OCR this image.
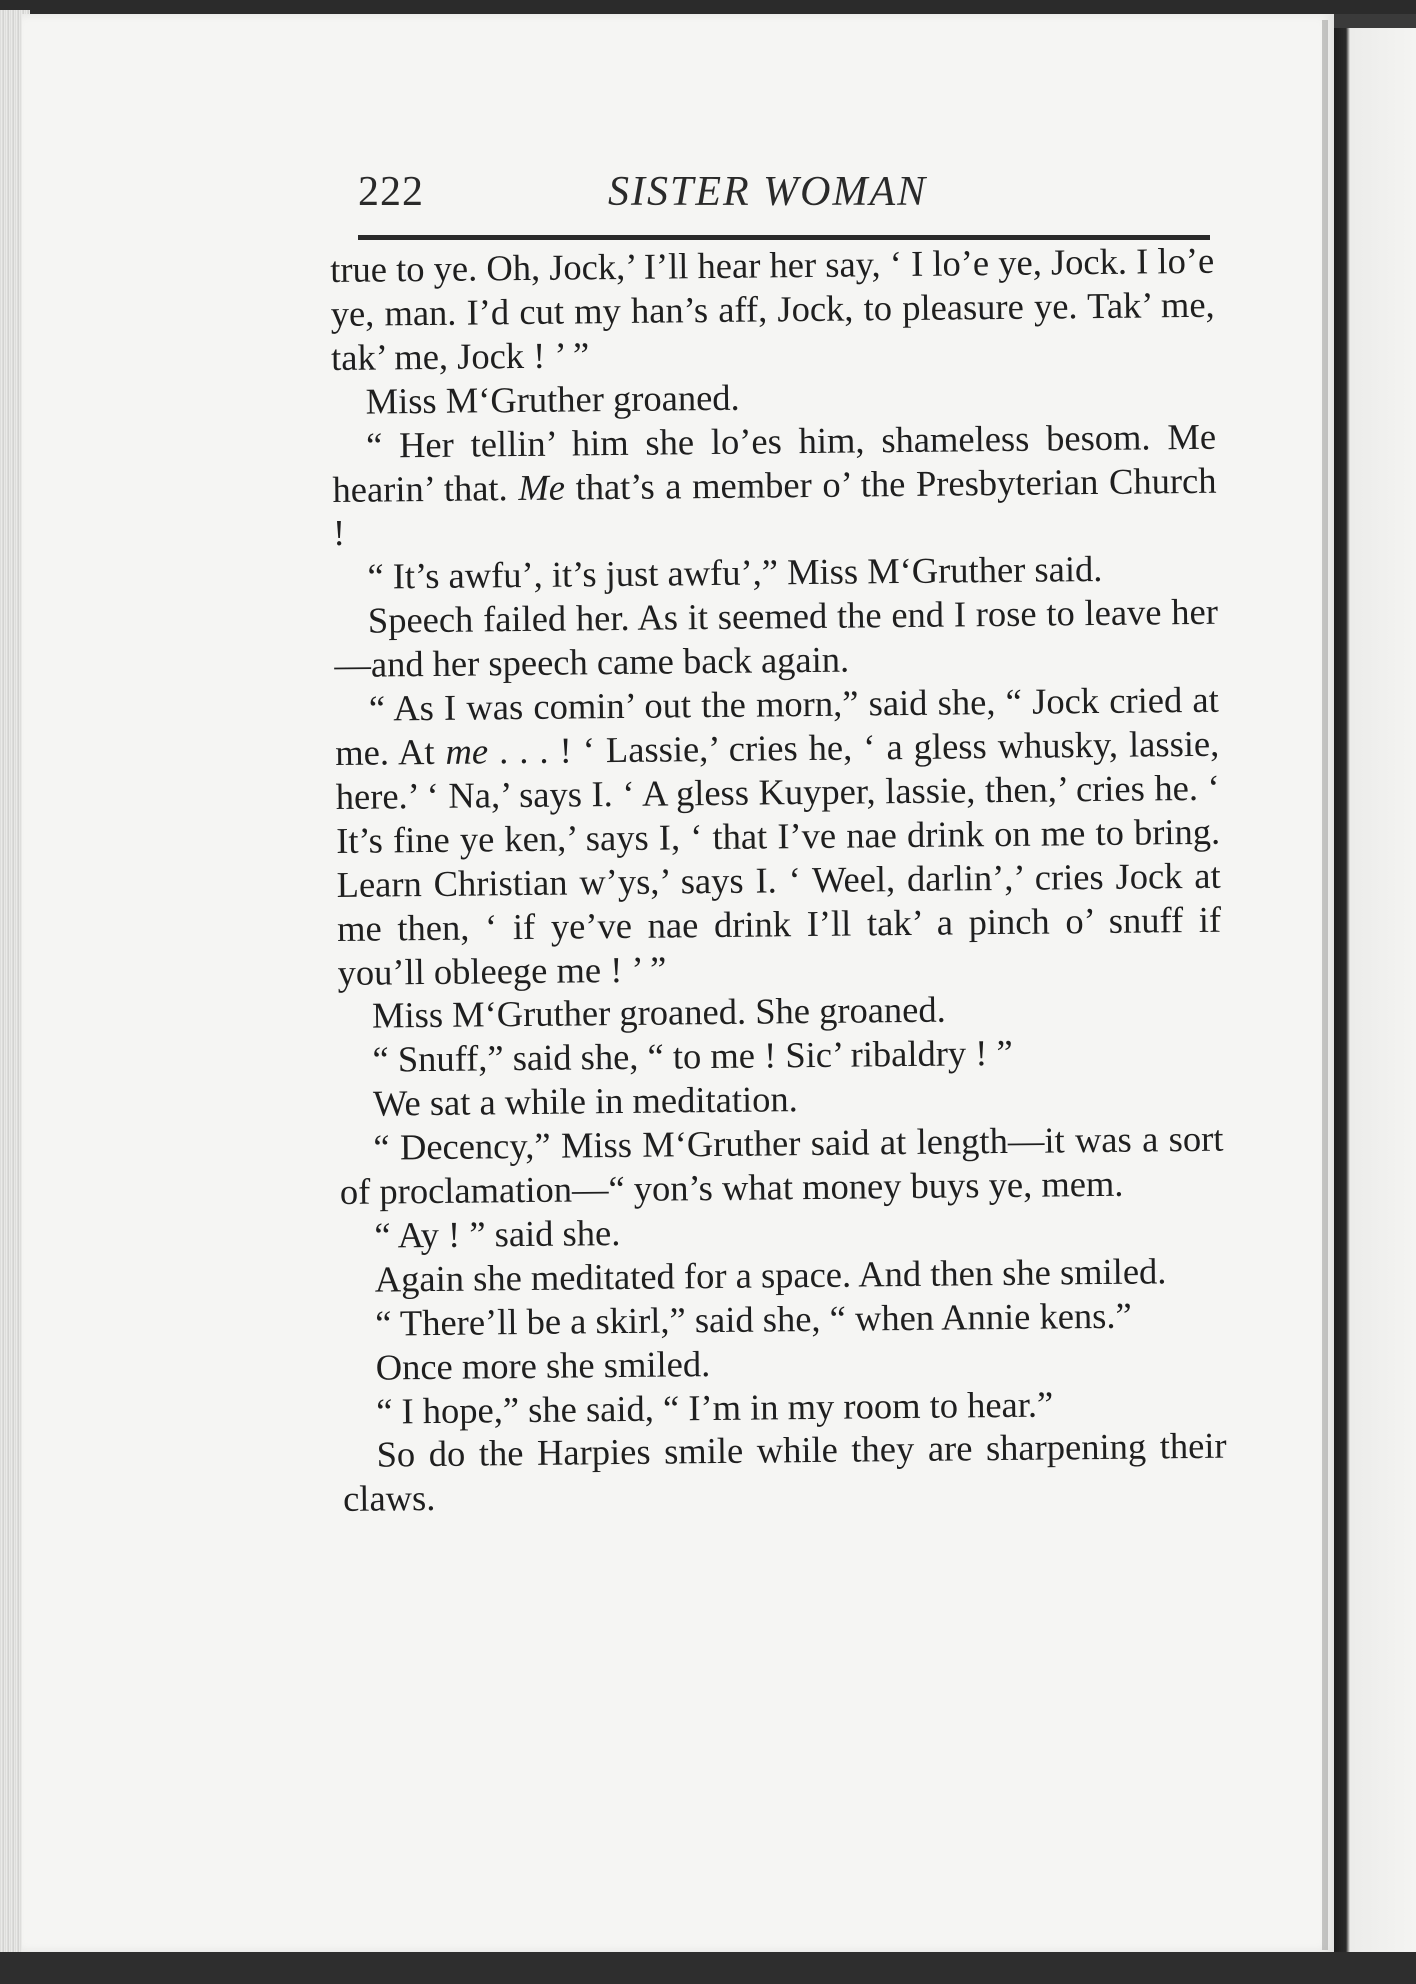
222	SISTER WOMAN

true to ye. Oh, Jock,’ I’ll hear her say, ‘ I lo’e ye, Jock. I lo’e ye, man. I’d cut my han’s aff, Jock, to pleasure ye. Tak’ me, tak’ me, Jock ! ’ ”

Miss M‘Gruther groaned.

“ Her tellin’ him she lo’es him, shameless besom. Me hearin’ that. Me that’s a member o’ the Presbyterian Church !

“ It’s awfu’, it’s just awfu’,” Miss M‘Gruther said.

Speech failed her. As it seemed the end I rose to leave her—and her speech came back again.

“ As I was comin’ out the morn,” said she, “ Jock cried at me. At me . . . ! ‘ Lassie,’ cries he, ‘ a gless whusky, lassie, here.’ ‘ Na,’ says I. ‘ A gless Kuyper, lassie, then,’ cries he. ‘ It’s fine ye ken,’ says I, ‘ that I’ve nae drink on me to bring. Learn Christian w’ys,’ says I. ‘ Weel, darlin’,’ cries Jock at me then, ‘ if ye’ve nae drink I’ll tak’ a pinch o’ snuff if you’ll obleege me ! ’ ”

Miss M‘Gruther groaned. She groaned.

“ Snuff,” said she, “ to me ! Sic’ ribaldry ! ”

We sat a while in meditation.

“ Decency,” Miss M‘Gruther said at length—it was a sort of proclamation—“ yon’s what money buys ye, mem.

“ Ay ! ” said she.

Again she meditated for a space. And then she smiled.

“ There’ll be a skirl,” said she, “ when Annie kens.”

Once more she smiled.

“ I hope,” she said, “ I’m in my room to hear.”

So do the Harpies smile while they are sharpening their claws.
